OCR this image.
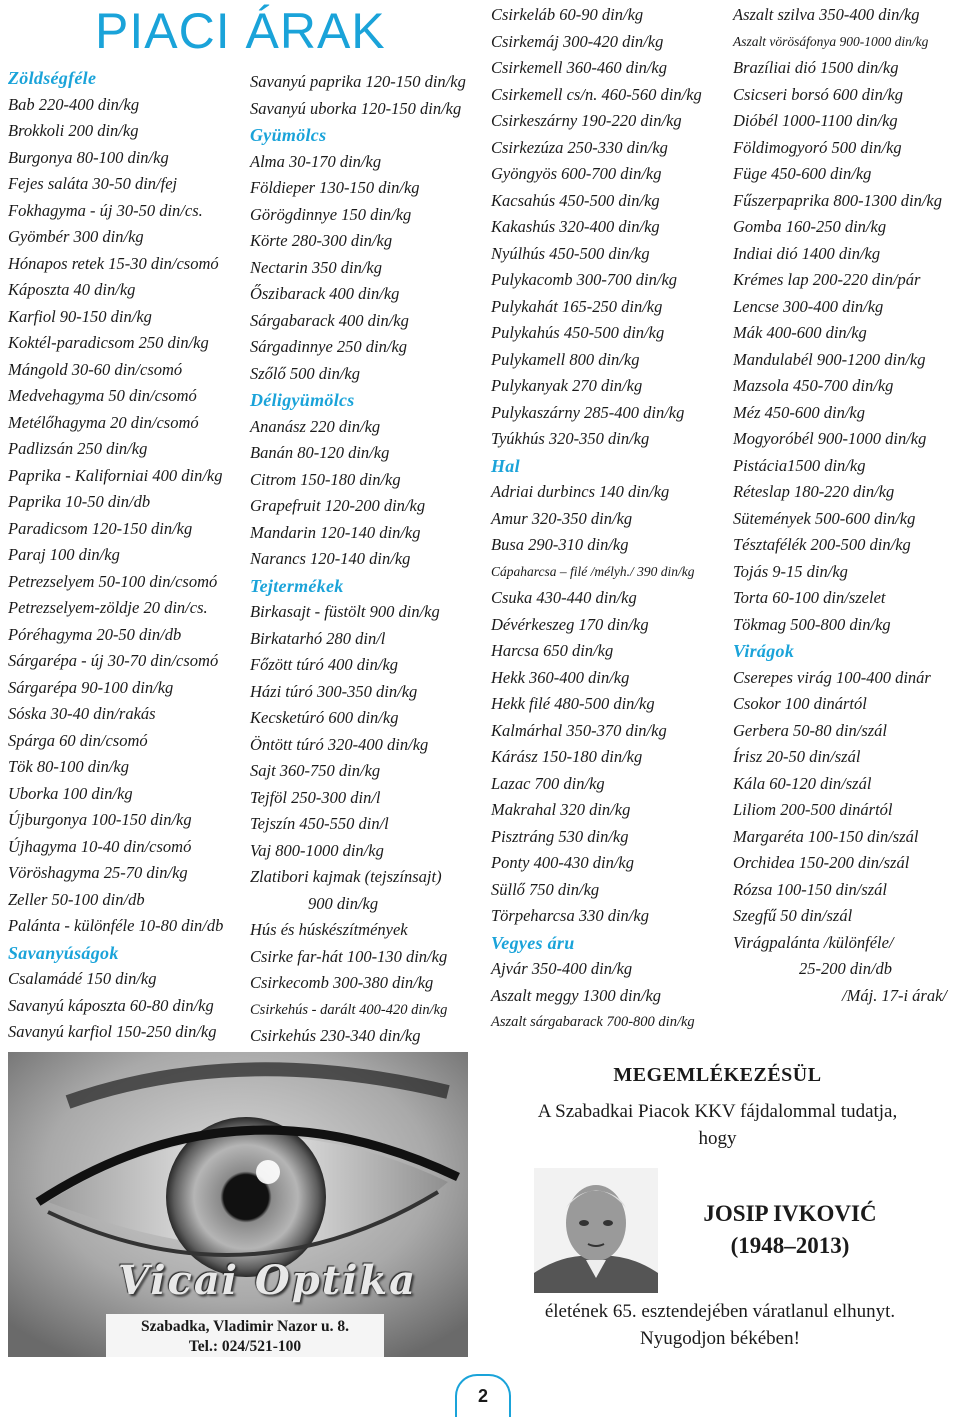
PIACI ÁRAK
Zöldségféle
Bab 220-400 din/kg
Brokkoli 200 din/kg
Burgonya 80-100 din/kg
Fejes saláta 30-50 din/fej
Fokhagyma - új 30-50 din/cs.
Gyömbér 300 din/kg
Hónapos retek 15-30 din/csomó
Káposzta 40 din/kg
Karfiol 90-150 din/kg
Koktél-paradicsom 250 din/kg
Mángold 30-60 din/csomó
Medvehagyma 50 din/csomó
Metélőhagyma 20 din/csomó
Padlizsán 250 din/kg
Paprika - Kaliforniai 400 din/kg
Paprika 10-50 din/db
Paradicsom 120-150 din/kg
Paraj 100 din/kg
Petrezselyem 50-100 din/csomó
Petrezselyem-zöldje 20 din/cs.
Póréhagyma 20-50 din/db
Sárgarépa - új 30-70 din/csomó
Sárgarépa 90-100 din/kg
Sóska 30-40 din/rakás
Spárga 60 din/csomó
Tök 80-100 din/kg
Uborka 100 din/kg
Újburgonya 100-150 din/kg
Újhagyma 10-40 din/csomó
Vöröshagyma 25-70 din/kg
Zeller 50-100 din/db
Palánta - különféle 10-80 din/db
Savanyúságok
Csalamádé 150 din/kg
Savanyú káposzta 60-80 din/kg
Savanyú karfiol 150-250 din/kg
Savanyú paprika 120-150 din/kg
Savanyú uborka 120-150 din/kg
Gyümölcs
Alma 30-170 din/kg
Földieper 130-150 din/kg
Görögdinnye 150 din/kg
Körte 280-300 din/kg
Nectarin 350 din/kg
Őszibarack 400 din/kg
Sárgabarack 400 din/kg
Sárgadinnye 250 din/kg
Szőlő 500 din/kg
Déligyümölcs
Ananász 220 din/kg
Banán 80-120 din/kg
Citrom 150-180 din/kg
Grapefruit 120-200 din/kg
Mandarin 120-140 din/kg
Narancs 120-140 din/kg
Tejtermékek
Birkasajt - füstölt 900 din/kg
Birkatarhó 280 din/l
Főzött túró 400 din/kg
Házi túró 300-350 din/kg
Kecsketúró 600 din/kg
Öntött túró 320-400 din/kg
Sajt 360-750 din/kg
Tejföl 250-300 din/l
Tejszín 450-550 din/l
Vaj 800-1000 din/kg
Zlatibori kajmak (tejszínsajt)
900 din/kg
Hús és húskészítmények
Csirke far-hát 100-130 din/kg
Csirkecomb 300-380 din/kg
Csirkehús - darált 400-420 din/kg
Csirkehús 230-340 din/kg
Csirkeláb 60-90 din/kg
Csirkemáj 300-420 din/kg
Csirkemell 360-460 din/kg
Csirkemell cs/n. 460-560 din/kg
Csirkeszárny 190-220 din/kg
Csirkezúza 250-330 din/kg
Gyöngyös 600-700 din/kg
Kacsahús 450-500 din/kg
Kakashús 320-400 din/kg
Nyúlhús 450-500 din/kg
Pulykacomb 300-700 din/kg
Pulykahát 165-250 din/kg
Pulykahús 450-500 din/kg
Pulykamell 800 din/kg
Pulykanyak 270 din/kg
Pulykaszárny 285-400 din/kg
Tyúkhús 320-350 din/kg
Hal
Adriai durbincs 140 din/kg
Amur 320-350 din/kg
Busa 290-310 din/kg
Cápaharcsa – filé /mélyh./ 390 din/kg
Csuka 430-440 din/kg
Dévérkeszeg 170 din/kg
Harcsa 650 din/kg
Hekk 360-400 din/kg
Hekk filé 480-500 din/kg
Kalmárhal 350-370 din/kg
Kárász 150-180 din/kg
Lazac 700 din/kg
Makrahal 320 din/kg
Pisztráng 530 din/kg
Ponty 400-430 din/kg
Süllő 750 din/kg
Törpeharcsa 330 din/kg
Vegyes áru
Ajvár 350-400 din/kg
Aszalt meggy 1300 din/kg
Aszalt sárgabarack 700-800 din/kg
Aszalt szilva 350-400 din/kg
Aszalt vörösáfonya 900-1000 din/kg
Brazíliai dió 1500 din/kg
Csicseri borsó 600 din/kg
Dióbél 1000-1100 din/kg
Földimogyoró 500 din/kg
Füge 450-600 din/kg
Fűszerpaprika 800-1300 din/kg
Gomba 160-250 din/kg
Indiai dió 1400 din/kg
Krémes lap 200-220 din/pár
Lencse 300-400 din/kg
Mák 400-600 din/kg
Mandulabél 900-1200 din/kg
Mazsola 450-700 din/kg
Méz 450-600 din/kg
Mogyoróbél 900-1000 din/kg
Pistácia1500 din/kg
Réteslap 180-220 din/kg
Sütemények 500-600 din/kg
Tésztafélék 200-500 din/kg
Tojás 9-15 din/kg
Torta 60-100 din/szelet
Tökmag 500-800 din/kg
Virágok
Cserepes virág 100-400 dinár
Csokor 100 dinártól
Gerbera 50-80 din/szál
Írisz 20-50 din/szál
Kála 60-120 din/szál
Liliom 200-500 dinártól
Margaréta 100-150 din/szál
Orchidea 150-200 din/szál
Rózsa 100-150 din/szál
Szegfű 50 din/szál
Virágpalánta /különféle/
25-200 din/db
/Máj. 17-i árak/
Vicai Optika
Szabadka, Vladimir Nazor u. 8.
Tel.: 024/521-100
MEGEMLÉKEZÉSÜL
A Szabadkai Piacok KKV fájdalommal tudatja,
hogy
JOSIP IVKOVIĆ
(1948–2013)
életének 65. esztendejében váratlanul elhunyt.
Nyugodjon békében!
2
